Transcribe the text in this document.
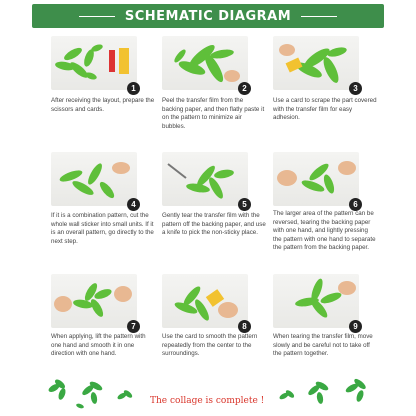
SCHEMATIC DIAGRAM
1
After receiving the layout, prepare the scissors and cards.
2
Peel the transfer film from the backing paper, and then flatly paste it on the pattern to minimize air bubbles.
3
Use a card to scrape the part covered with the transfer film for easy adhesion.
4
If it is a combination pattern, cut the whole wall sticker into small units. If it is an overall pattern, go directly to the next step.
5
Gently tear the transfer film with the pattern off the backing paper, and use a knife to pick the non-sticky place.
6
The larger area of the pattern can be reversed, tearing the backing paper with one hand, and lightly pressing the pattern with one hand to separate the pattern from the backing paper.
7
When applying, lift the pattern with one hand and smooth it in one direction with one hand.
8
Use the card to smooth the pattern repeatedly from the center to the surroundings.
9
When tearing the transfer film, move slowly and be careful not to take off the pattern together.
The collage is complete !
